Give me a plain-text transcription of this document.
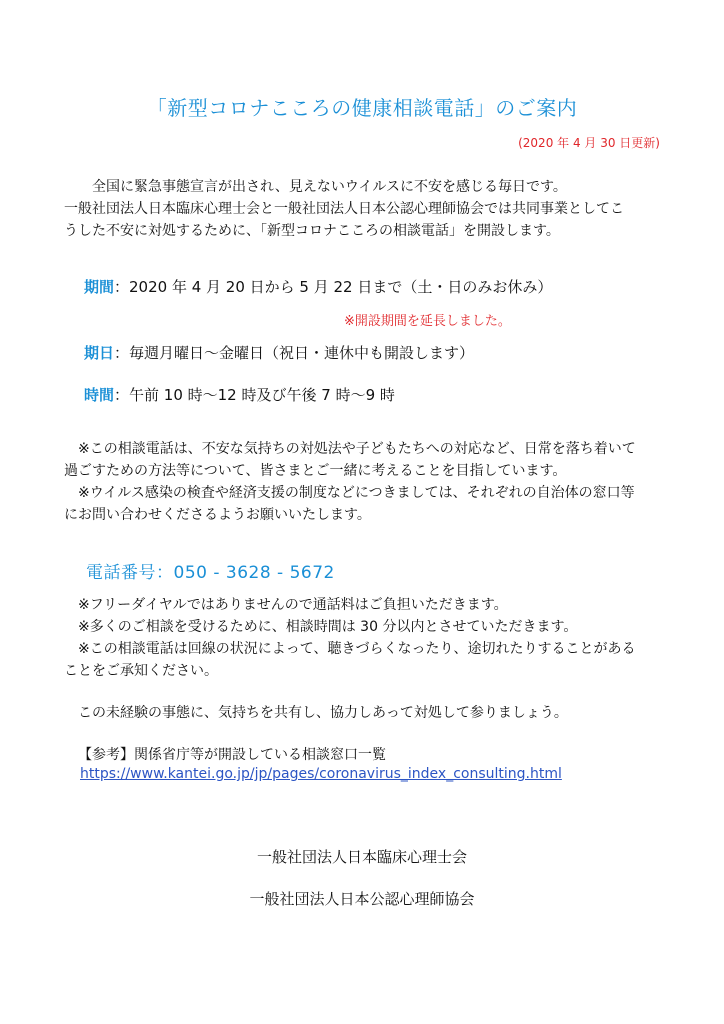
「新型コロナこころの健康相談電話」のご案内
(2020 年 4 月 30 日更新)
全国に緊急事態宣言が出され、見えないウイルスに不安を感じる毎日です。
一般社団法人日本臨床心理士会と一般社団法人日本公認心理師協会では共同事業としてこ
うした不安に対処するために、「新型コロナこころの相談電話」を開設します。
期間：2020 年 4 月 20 日から 5 月 22 日まで（土・日のみお休み）
※開設期間を延長しました。
期日：毎週月曜日～金曜日（祝日・連休中も開設します）
時間：午前 10 時～12 時及び午後 7 時～9 時
※この相談電話は、不安な気持ちの対処法や子どもたちへの対応など、日常を落ち着いて
過ごすための方法等について、皆さまとご一緒に考えることを目指しています。
※ウイルス感染の検査や経済支援の制度などにつきましては、それぞれの自治体の窓口等
にお問い合わせくださるようお願いいたします。
電話番号：050 - 3628 - 5672
※フリーダイヤルではありませんので通話料はご負担いただきます。
※多くのご相談を受けるために、相談時間は 30 分以内とさせていただきます。
※この相談電話は回線の状況によって、聴きづらくなったり、途切れたりすることがある
ことをご承知ください。
この未経験の事態に、気持ちを共有し、協力しあって対処して参りましょう。
【参考】関係省庁等が開設している相談窓口一覧
https://www.kantei.go.jp/jp/pages/coronavirus_index_consulting.html
一般社団法人日本臨床心理士会
一般社団法人日本公認心理師協会
